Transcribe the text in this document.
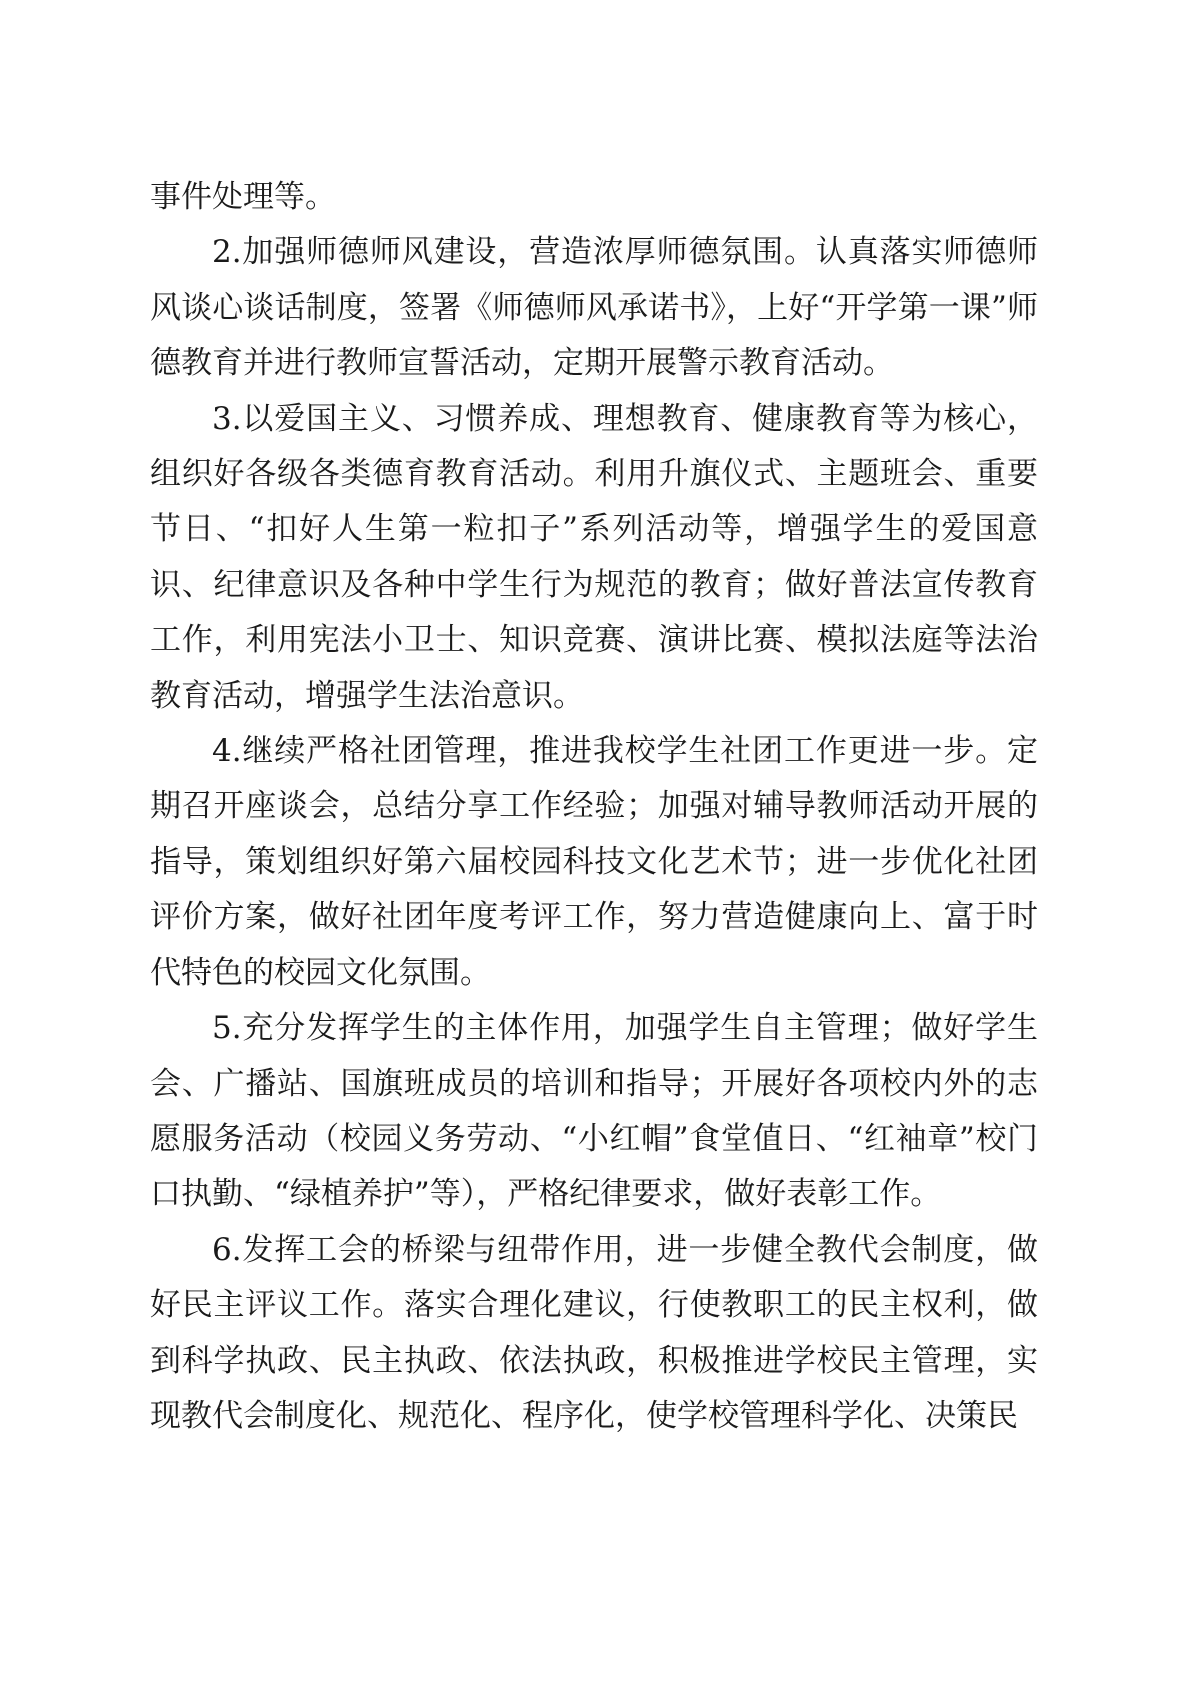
事件处理等。

2.加强师德师风建设，营造浓厚师德氛围。认真落实师德师风谈心谈话制度，签署《师德师风承诺书》，上好“开学第一课”师德教育并进行教师宣誓活动，定期开展警示教育活动。

3.以爱国主义、习惯养成、理想教育、健康教育等为核心，组织好各级各类德育教育活动。利用升旗仪式、主题班会、重要节日、“扣好人生第一粒扣子”系列活动等，增强学生的爱国意识、纪律意识及各种中学生行为规范的教育；做好普法宣传教育工作，利用宪法小卫士、知识竞赛、演讲比赛、模拟法庭等法治教育活动，增强学生法治意识。

4.继续严格社团管理，推进我校学生社团工作更进一步。定期召开座谈会，总结分享工作经验；加强对辅导教师活动开展的指导，策划组织好第六届校园科技文化艺术节；进一步优化社团评价方案，做好社团年度考评工作，努力营造健康向上、富于时代特色的校园文化氛围。

5.充分发挥学生的主体作用，加强学生自主管理；做好学生会、广播站、国旗班成员的培训和指导；开展好各项校内外的志愿服务活动（校园义务劳动、“小红帽”食堂值日、“红袖章”校门口执勤、“绿植养护”等），严格纪律要求，做好表彰工作。

6.发挥工会的桥梁与纽带作用，进一步健全教代会制度，做好民主评议工作。落实合理化建议，行使教职工的民主权利，做到科学执政、民主执政、依法执政，积极推进学校民主管理，实现教代会制度化、规范化、程序化，使学校管理科学化、决策民
